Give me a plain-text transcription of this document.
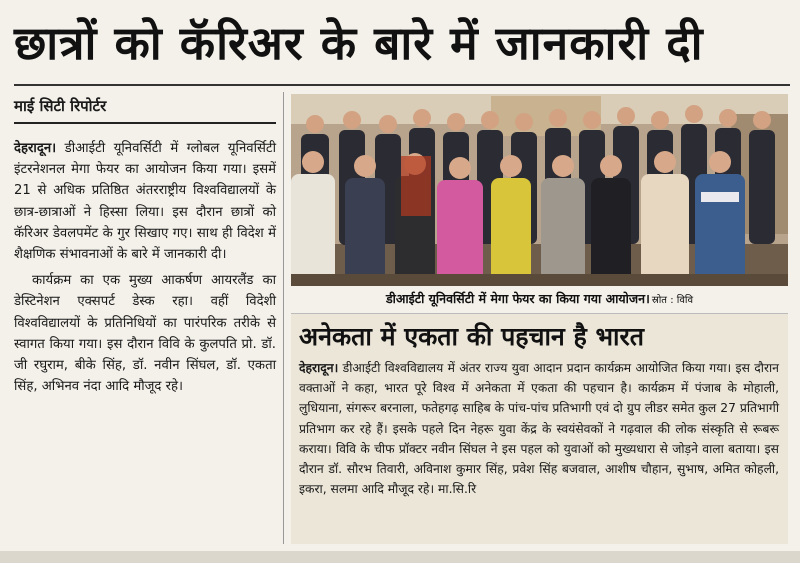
छात्रों को कॅरिअर के बारे में जानकारी दी
माई सिटी रिपोर्टर

देहरादून। डीआईटी यूनिवर्सिटी में ग्लोबल यूनिवर्सिटी इंटरनेशनल मेगा फेयर का आयोजन किया गया। इसमें 21 से अधिक प्रतिष्ठित अंतरराष्ट्रीय विश्वविद्यालयों के छात्र-छात्राओं ने हिस्सा लिया। इस दौरान छात्रों को कॅरिअर डेवलपमेंट के गुर सिखाए गए। साथ ही विदेश में शैक्षणिक संभावनाओं के बारे में जानकारी दी।

कार्यक्रम का एक मुख्य आकर्षण आयरलैंड का डेस्टिनेशन एक्सपर्ट डेस्क रहा। वहीं विदेशी विश्वविद्यालयों के प्रतिनिधियों का पारंपरिक तरीके से स्वागत किया गया। इस दौरान विवि के कुलपति प्रो. डॉ. जी रघुराम, बीके सिंह, डॉ. नवीन सिंघल, डॉ. एकता सिंह, अभिनव नंदा आदि मौजूद रहे।

डीआईटी यूनिवर्सिटी में मेगा फेयर का किया गया आयोजन। स्रोत : विवि
अनेकता में एकता की पहचान है भारत
देहरादून। डीआईटी विश्वविद्यालय में अंतर राज्य युवा आदान प्रदान कार्यक्रम आयोजित किया गया। इस दौरान वक्ताओं ने कहा, भारत पूरे विश्व में अनेकता में एकता की पहचान है। कार्यक्रम में पंजाब के मोहाली, लुधियाना, संगरूर बरनाला, फतेहगढ़ साहिब के पांच-पांच प्रतिभागी एवं दो ग्रुप लीडर समेत कुल 27 प्रतिभागी प्रतिभाग कर रहे हैं। इसके पहले दिन नेहरू युवा केंद्र के स्वयंसेवकों ने गढ़वाल की लोक संस्कृति से रूबरू कराया। विवि के चीफ प्रॉक्टर नवीन सिंघल ने इस पहल को युवाओं को मुख्यधारा से जोड़ने वाला बताया। इस दौरान डॉ. सौरभ तिवारी, अविनाश कुमार सिंह, प्रवेश सिंह बजवाल, आशीष चौहान, सुभाष, अमित कोहली, इकरा, सलमा आदि मौजूद रहे। मा.सि.रि
